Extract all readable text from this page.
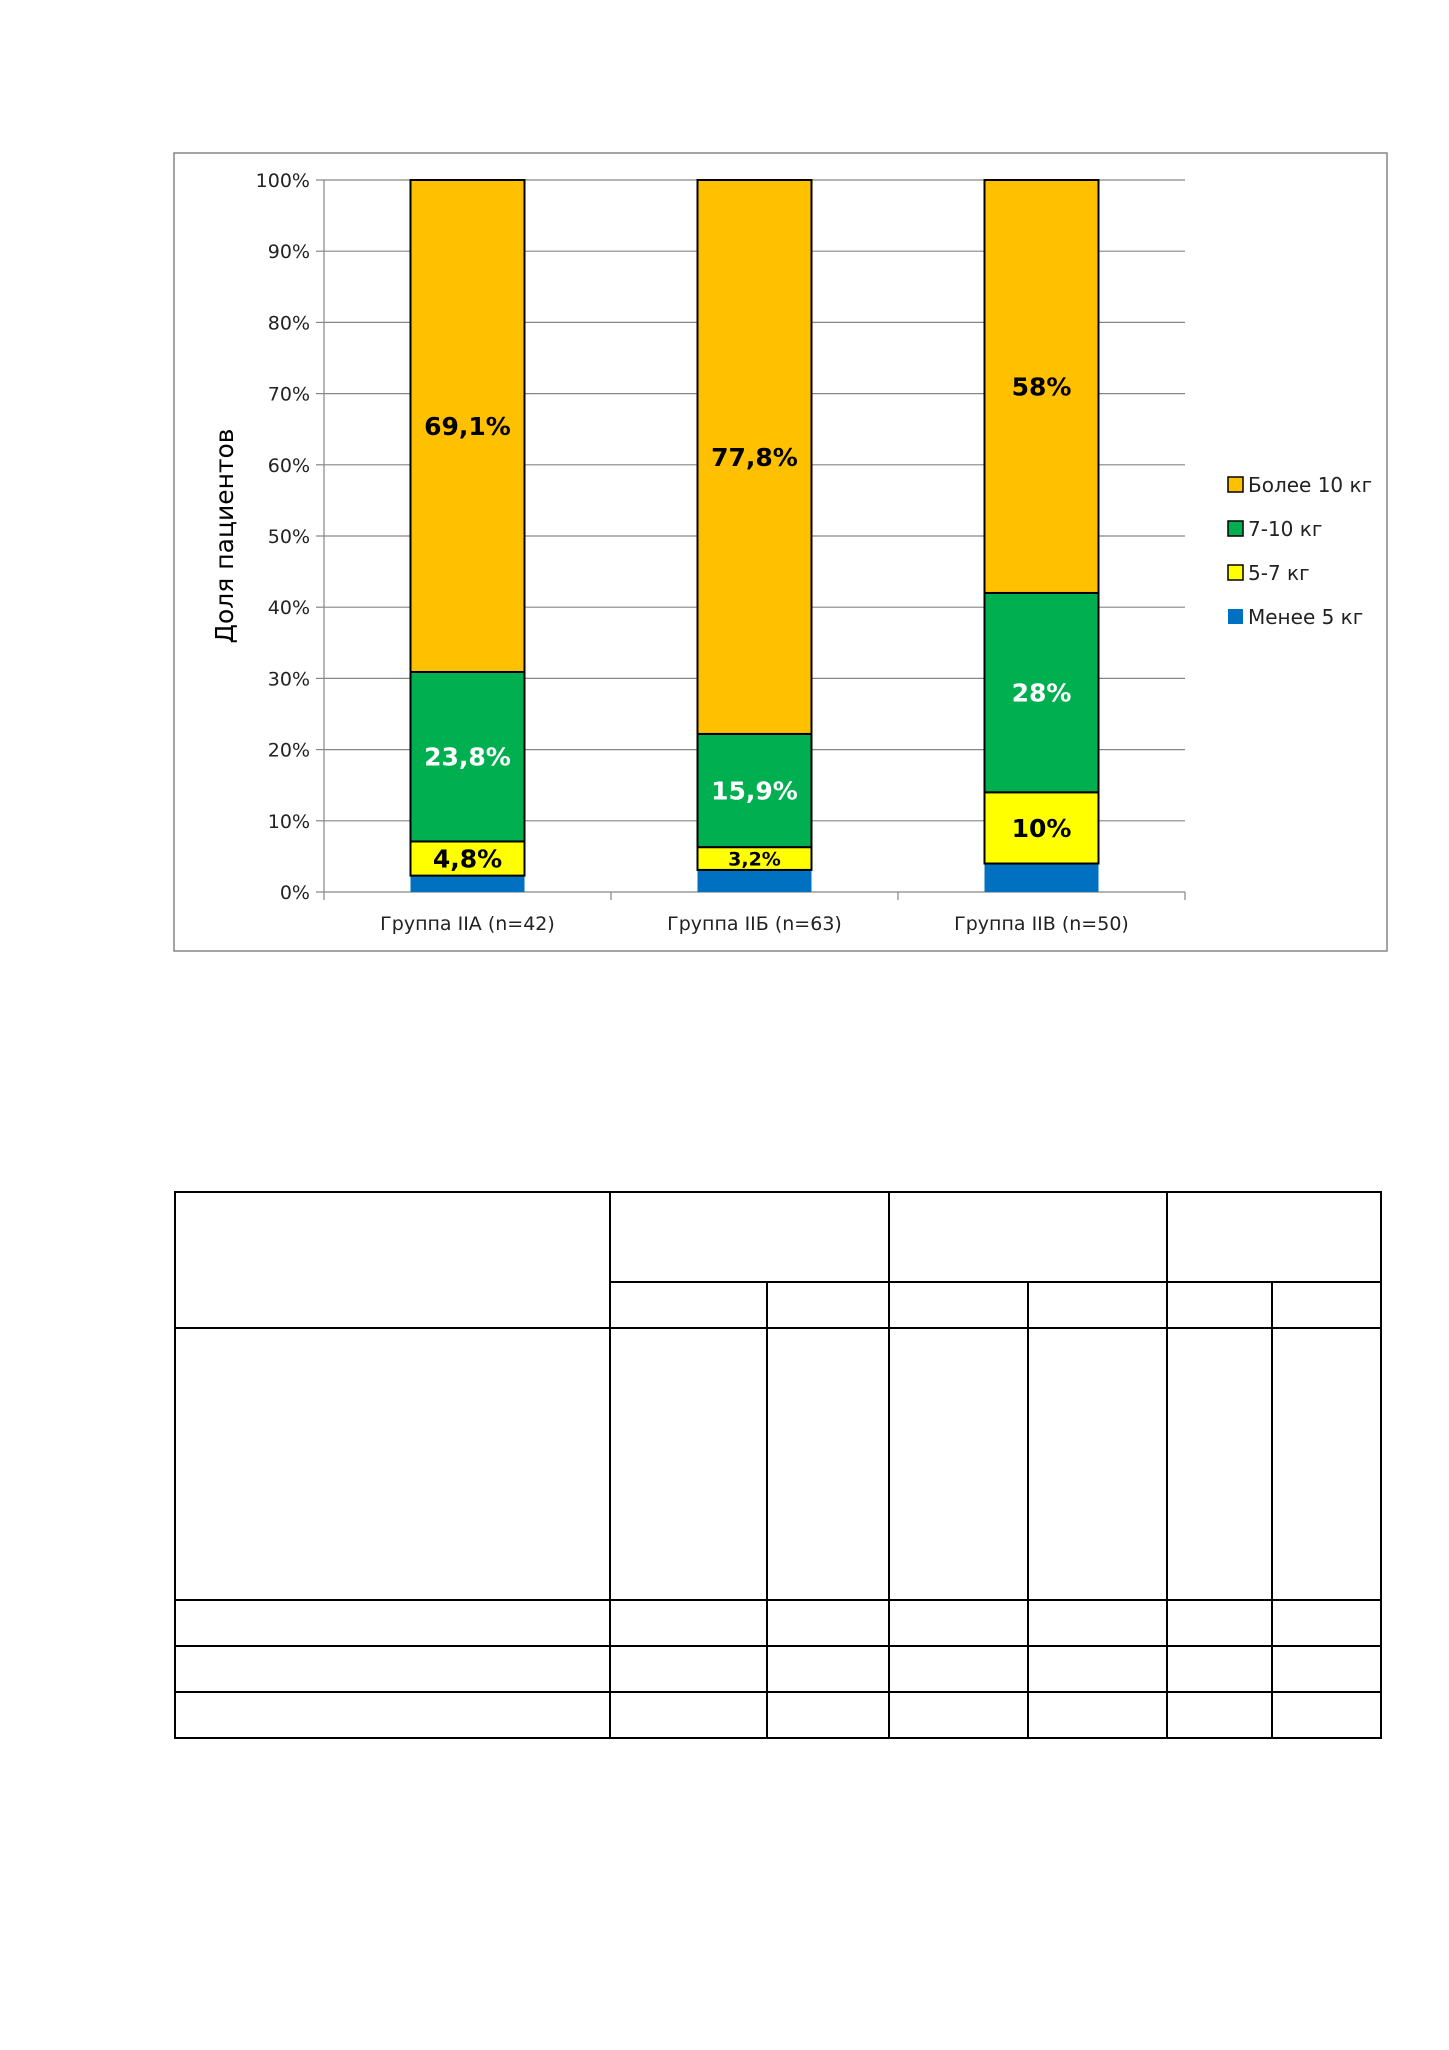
0%
10%
20%
30%
40%
50%
60%
70%
80%
90%
100%
Группа IIА (n=42)	Группа IIБ (n=63)	Группа IIВ (n=50)
4,8%
23,8%
69,1%
3,2%
15,9%
77,8%
10%
28%
58%
Доля пациентов	Более 10 кг
7-10 кг
5-7 кг
Менее 5 кг
